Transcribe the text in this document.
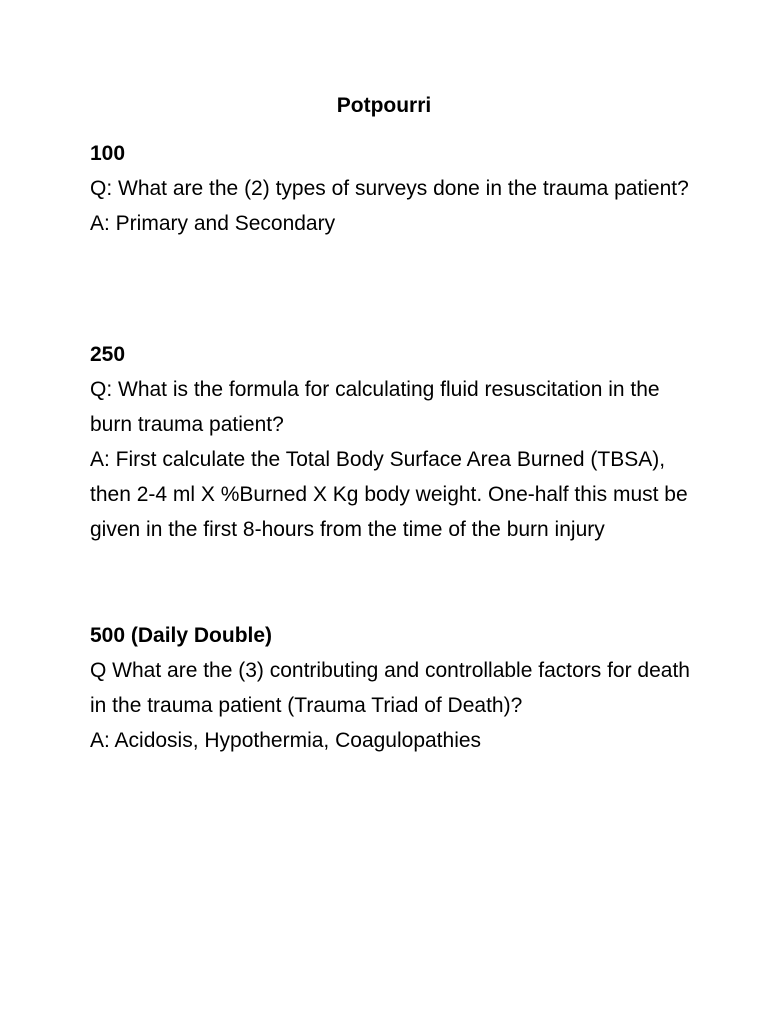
Potpourri

100

Q: What are the (2) types of surveys done in the trauma patient?

A: Primary and Secondary

250

Q: What is the formula for calculating fluid resuscitation in the burn trauma patient?

A: First calculate the Total Body Surface Area Burned (TBSA), then 2-4 ml X %Burned X Kg body weight. One-half this must be given in the first 8-hours from the time of the burn injury

500 (Daily Double)

Q What are the (3) contributing and controllable factors for death in the trauma patient (Trauma Triad of Death)?

A: Acidosis, Hypothermia, Coagulopathies
